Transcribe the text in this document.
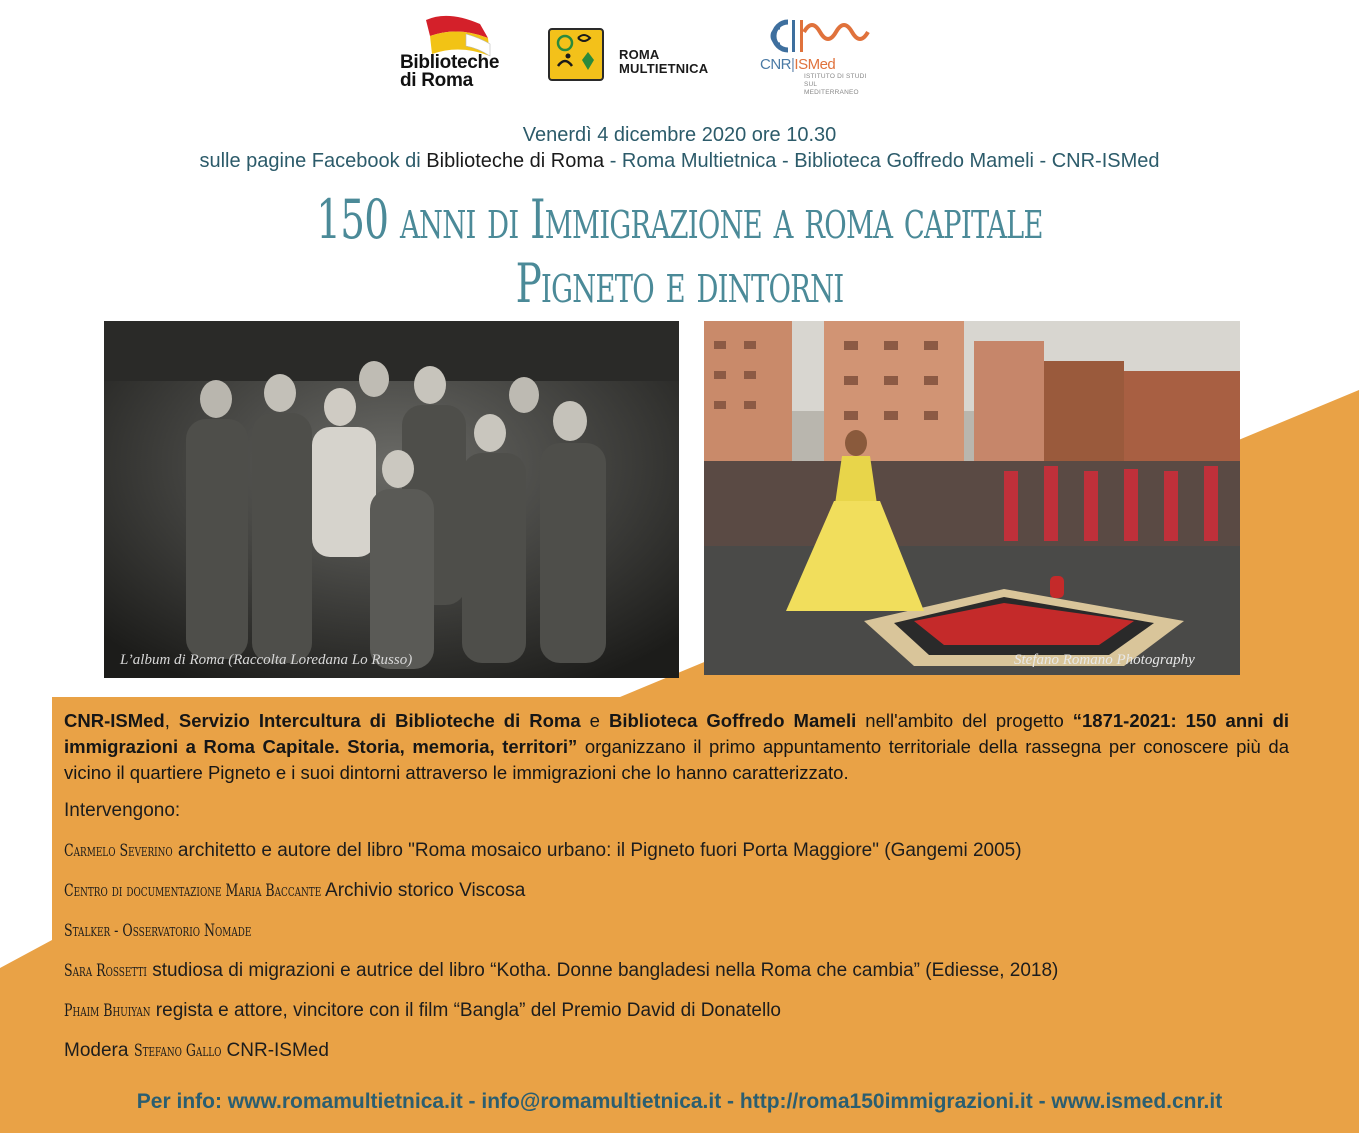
Biblioteche
di Roma
ROMA
MULTIETNICA	CNR|ISMed
ISTITUTO DI STUDI
SUL MEDITERRANEO
Venerdì 4 dicembre 2020 ore 10.30
sulle pagine Facebook di Biblioteche di Roma - Roma Multietnica - Biblioteca Goffredo Mameli - CNR-ISMed
150 anni di Immigrazione a roma capitale
Pigneto e dintorni
L’album di Roma (Raccolta Loredana Lo Russo)	Stefano Romano Photography

CNR-ISMed, Servizio Intercultura di Biblioteche di Roma e Biblioteca Goffredo Mameli nell'ambito del progetto “1871-2021: 150 anni di immigrazioni a Roma Capitale. Storia, memoria, territori” organizzano il primo appuntamento territoriale della rassegna per conoscere più da vicino il quartiere Pigneto e i suoi dintorni attraverso le immigrazioni che lo hanno caratterizzato.

Intervengono:
Carmelo Severino architetto e autore del libro "Roma mosaico urbano: il Pigneto fuori Porta Maggiore" (Gangemi 2005)
Centro di documentazione Maria Baccante Archivio storico Viscosa
Stalker - Osservatorio Nomade
Sara Rossetti studiosa di migrazioni e autrice del libro “Kotha. Donne bangladesi nella Roma che cambia” (Ediesse, 2018)
Phaim Bhuiyan regista e attore, vincitore con il film “Bangla” del Premio David di Donatello
Modera Stefano Gallo CNR-ISMed
Per info: www.romamultietnica.it - info@romamultietnica.it - http://roma150immigrazioni.it - www.ismed.cnr.it
